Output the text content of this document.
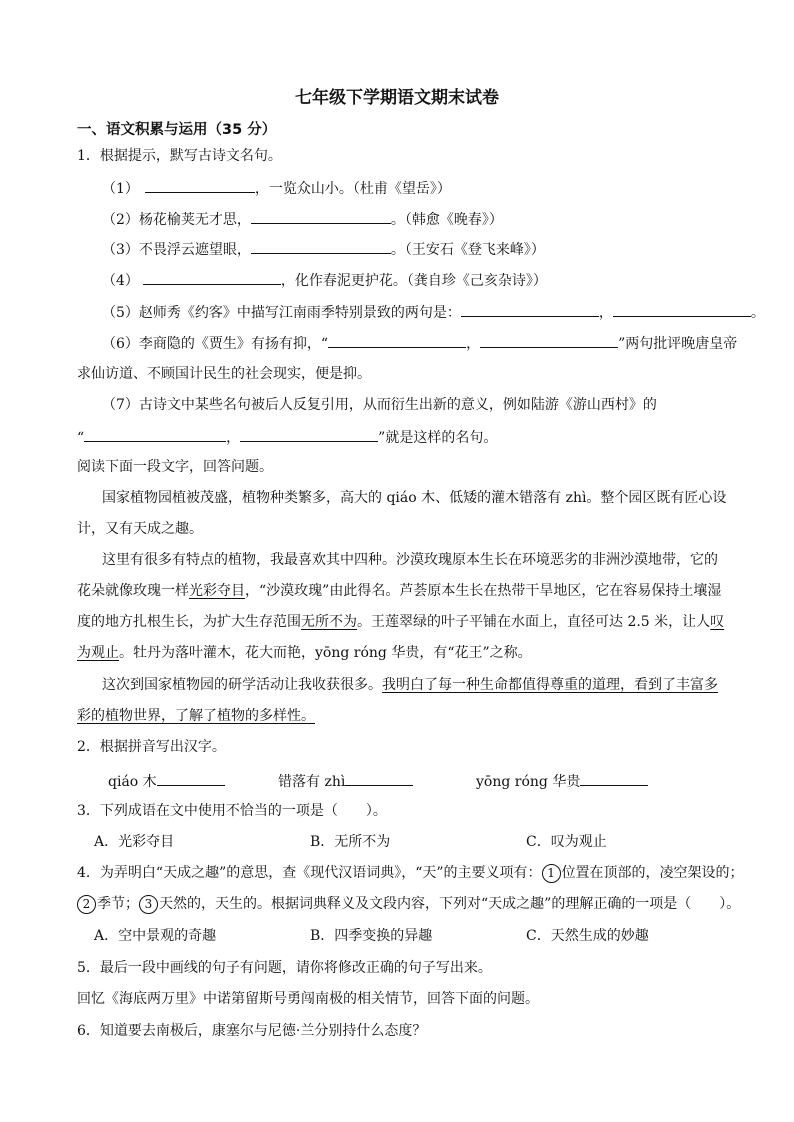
七年级下学期语文期末试卷
一、语文积累与运用（35 分）
1．根据提示，默写古诗文名句。
（1）	，一览众山小。（杜甫《望岳》）
（2）杨花榆荚无才思，	。（韩愈《晚春》）
（3）不畏浮云遮望眼，	。（王安石《登飞来峰》）
（4）	，化作春泥更护花。（龚自珍《己亥杂诗》）
（5）赵师秀《约客》中描写江南雨季特别景致的两句是：	，	。
（6）李商隐的《贾生》有扬有抑，“	，	”两句批评晚唐皇帝
求仙访道、不顾国计民生的社会现实，便是抑。
（7）古诗文中某些名句被后人反复引用，从而衍生出新的意义，例如陆游《游山西村》的
“	，	”就是这样的名句。
阅读下面一段文字，回答问题。
国家植物园植被茂盛，植物种类繁多，高大的 qiáo 木、低矮的灌木错落有 zhì。整个园区既有匠心设
计，又有天成之趣。
这里有很多有特点的植物，我最喜欢其中四种。沙漠玫瑰原本生长在环境恶劣的非洲沙漠地带，它的
花朵就像玫瑰一样光彩夺目，“沙漠玫瑰”由此得名。芦荟原本生长在热带干旱地区，它在容易保持土壤湿
度的地方扎根生长，为扩大生存范围无所不为。王莲翠绿的叶子平铺在水面上，直径可达 2.5 米，让人叹
为观止。牡丹为落叶灌木，花大而艳，yōng róng 华贵，有“花王”之称。
这次到国家植物园的研学活动让我收获很多。我明白了每一种生命都值得尊重的道理，看到了丰富多
彩的植物世界，了解了植物的多样性。
2．根据拼音写出汉字。
qiáo 木	错落有 zhì	yōng róng 华贵
3．下列成语在文中使用不恰当的一项是（　　）。
A．光彩夺目	B．无所不为	C．叹为观止
4．为弄明白“天成之趣”的意思，查《现代汉语词典》，“天”的主要义项有： 1 位置在顶部的，凌空架设的；
2 季节； 3 天然的，天生的。根据词典释义及文段内容，下列对“天成之趣”的理解正确的一项是（　　）。
A．空中景观的奇趣	B．四季变换的异趣	C．天然生成的妙趣
5．最后一段中画线的句子有问题，请你将修改正确的句子写出来。
回忆《海底两万里》中诺第留斯号勇闯南极的相关情节，回答下面的问题。
6．知道要去南极后，康塞尔与尼德·兰分别持什么态度？
